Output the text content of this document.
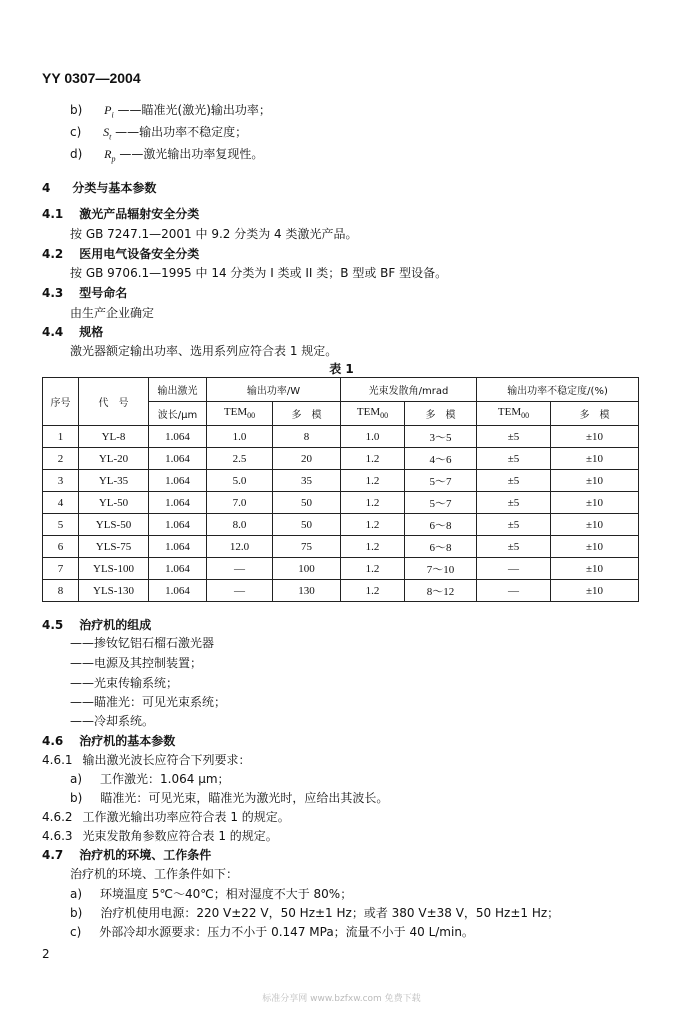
YY 0307—2004
b) $P_i$ ——瞄准光(激光)输出功率；
c) $S_t$ ——输出功率不稳定度；
d) $R_p$ ——激光输出功率复现性。
4 分类与基本参数
4.1 激光产品辐射安全分类
按 GB 7247.1—2001 中 9.2 分类为 4 类激光产品。
4.2 医用电气设备安全分类
按 GB 9706.1—1995 中 14 分类为 I 类或 II 类；B 型或 BF 型设备。
4.3 型号命名
由生产企业确定
4.4 规格
激光器额定输出功率、选用系列应符合表 1 规定。
表 1
序号	代　号	输出激光	输出功率/W		光束发散角/mrad		输出功率不稳定度/(%)	
		波长/μm	$TEM_{00}$	多　模	$TEM_{00}$	多　模	$TEM_{00}$	多　模
1	YL-8	1.064	1.0	8	1.0	3～5	±5	±10
2	YL-20	1.064	2.5	20	1.2	4～6	±5	±10
3	YL-35	1.064	5.0	35	1.2	5～7	±5	±10
4	YL-50	1.064	7.0	50	1.2	5～7	±5	±10
5	YLS-50	1.064	8.0	50	1.2	6～8	±5	±10
6	YLS-75	1.064	12.0	75	1.2	6～8	±5	±10
7	YLS-100	1.064	—	100	1.2	7～10	—	±10
8	YLS-130	1.064	—	130	1.2	8～12	—	±10
4.5 治疗机的组成
——掺钕钇铝石榴石激光器
——电源及其控制装置；
——光束传输系统；
——瞄准光：可见光束系统；
——冷却系统。
4.6 治疗机的基本参数
4.6.1 输出激光波长应符合下列要求：
a) 工作激光：1.064 μm；
b) 瞄准光：可见光束，瞄准光为激光时，应给出其波长。
4.6.2 工作激光输出功率应符合表 1 的规定。
4.6.3 光束发散角参数应符合表 1 的规定。
4.7 治疗机的环境、工作条件
治疗机的环境、工作条件如下：
a) 环境温度 5℃～40℃；相对湿度不大于 80%；
b) 治疗机使用电源：220 V±22 V，50 Hz±1 Hz；或者 380 V±38 V，50 Hz±1 Hz；
c) 外部冷却水源要求：压力不小于 0.147 MPa；流量不小于 40 L/min。
2
标准分享网 www.bzfxw.com 免费下载
